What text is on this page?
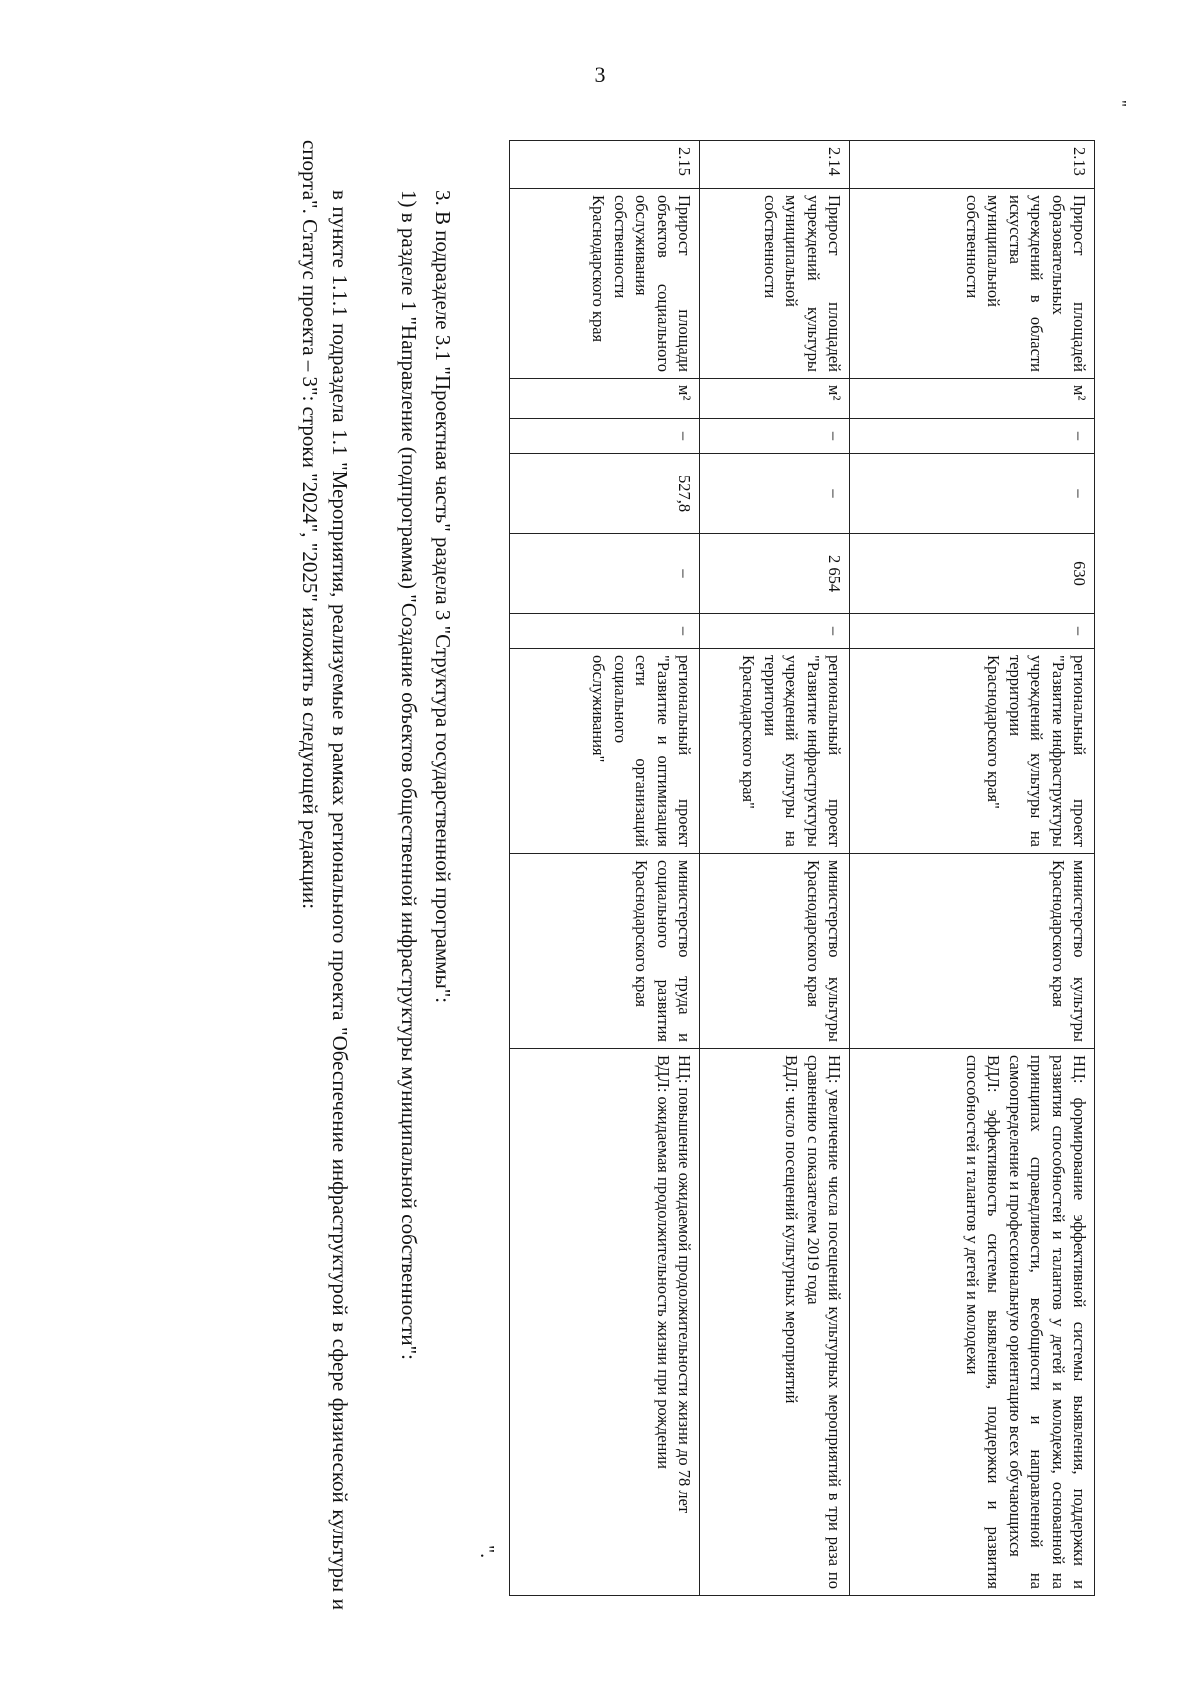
3
"
2.13	Прирост площадей образовательных учреждений в области искусства муниципальной собственности	м²	–	–	630	–	региональный проект "Развитие инфраструктуры учреждений культуры на территории Краснодарского края"	министерство культуры Краснодарского края	НЦ: формирование эффективной системы выявления, поддержки и развития способностей и талантов у детей и молодежи, основанной на принципах справедливости, всеобщности и направленной на самоопределение и профессиональную ориентацию всех обучающихся
ВДЛ: эффективность системы выявления, поддержки и развития способностей и талантов у детей и молодежи
2.14	Прирост площадей учреждений культуры муниципальной собственности	м²	–	–	2 654	–	региональный проект "Развитие инфраструктуры учреждений культуры на территории Краснодарского края"	министерство культуры Краснодарского края	НЦ: увеличение числа посещений культурных мероприятий в три раза по сравнению с показателем 2019 года
ВДЛ: число посещений культурных мероприятий
2.15	Прирост площади объектов социального обслуживания собственности Краснодарского края	м²	–	527,8	–	–	региональный проект "Развитие и оптимизация сети организаций социального обслуживания"	министерство труда и социального развития Краснодарского края	НЦ: повышение ожидаемой продолжительности жизни до 78 лет
ВДЛ: ожидаемая продолжительность жизни при рождении
".

3. В подразделе 3.1 "Проектная часть" раздела 3 "Структура государственной программы":

1) в разделе 1 "Направление (подпрограмма) "Создание объектов общественной инфраструктуры муниципальной собственности":

в пункте 1.1.1 подраздела 1.1 "Мероприятия, реализуемые в рамках регионального проекта "Обеспечение инфраструктурой в сфере физической культуры и спорта". Статус проекта – 3": строки "2024", "2025" изложить в следующей редакции:
